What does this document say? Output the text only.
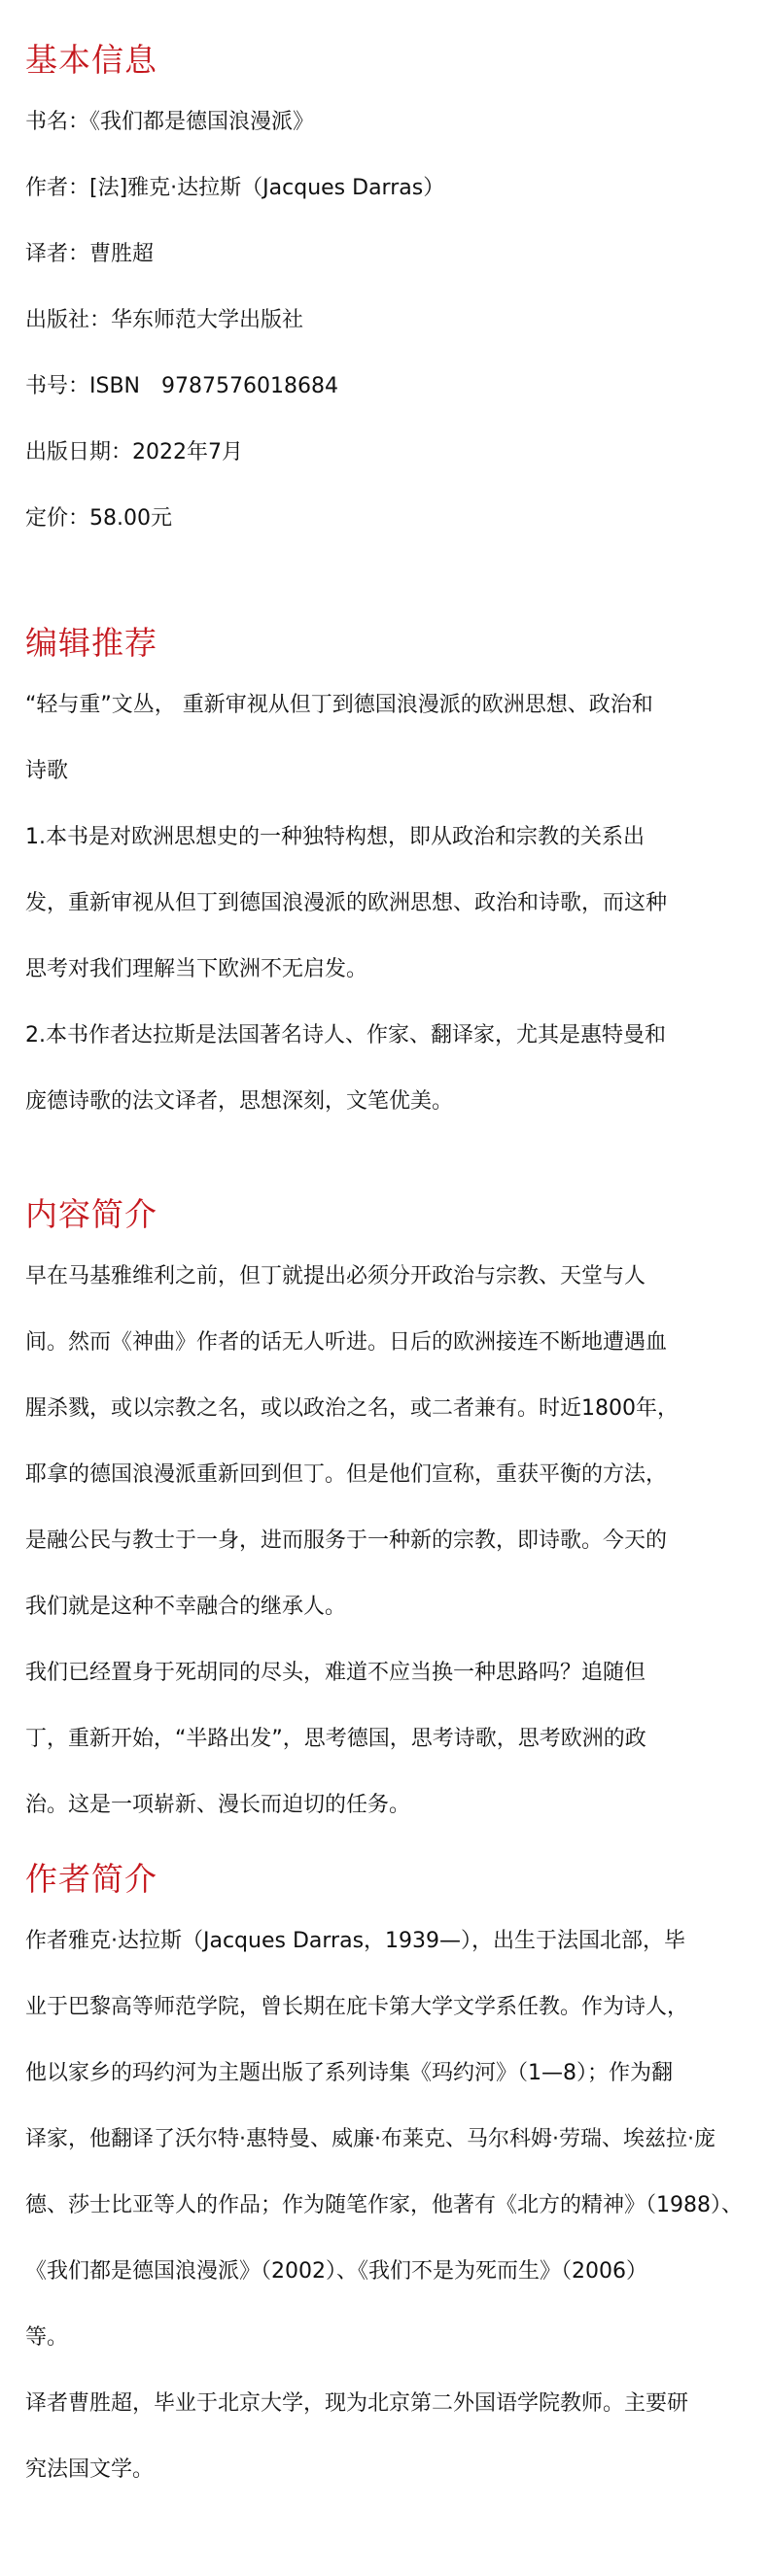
基本信息

书名：《我们都是德国浪漫派》

作者：[法]雅克·达拉斯（Jacques Darras）

译者：曹胜超

出版社：华东师范大学出版社

书号：ISBN　9787576018684

出版日期：2022年7月

定价：58.00元

编辑推荐
“轻与重”文丛， 重新审视从但丁到德国浪漫派的欧洲思想、政治和
诗歌
1.本书是对欧洲思想史的一种独特构想，即从政治和宗教的关系出
发，重新审视从但丁到德国浪漫派的欧洲思想、政治和诗歌，而这种
思考对我们理解当下欧洲不无启发。
2.本书作者达拉斯是法国著名诗人、作家、翻译家，尤其是惠特曼和
庞德诗歌的法文译者，思想深刻，文笔优美。
内容简介
早在马基雅维利之前，但丁就提出必须分开政治与宗教、天堂与人
间。然而《神曲》作者的话无人听进。日后的欧洲接连不断地遭遇血
腥杀戮，或以宗教之名，或以政治之名，或二者兼有。时近1800年，
耶拿的德国浪漫派重新回到但丁。但是他们宣称，重获平衡的方法，
是融公民与教士于一身，进而服务于一种新的宗教，即诗歌。今天的
我们就是这种不幸融合的继承人。
我们已经置身于死胡同的尽头，难道不应当换一种思路吗？追随但
丁，重新开始，“半路出发”，思考德国，思考诗歌，思考欧洲的政
治。这是一项崭新、漫长而迫切的任务。
作者简介
作者雅克·达拉斯（Jacques Darras，1939—），出生于法国北部，毕
业于巴黎高等师范学院，曾长期在庇卡第大学文学系任教。作为诗人，
他以家乡的玛约河为主题出版了系列诗集《玛约河》（1—8）；作为翻
译家，他翻译了沃尔特·惠特曼、威廉·布莱克、马尔科姆·劳瑞、埃兹拉·庞
德、莎士比亚等人的作品；作为随笔作家，他著有《北方的精神》（1988）、
《我们都是德国浪漫派》（2002）、《我们不是为死而生》（2006）
等。
译者曹胜超，毕业于北京大学，现为北京第二外国语学院教师。主要研
究法国文学。
